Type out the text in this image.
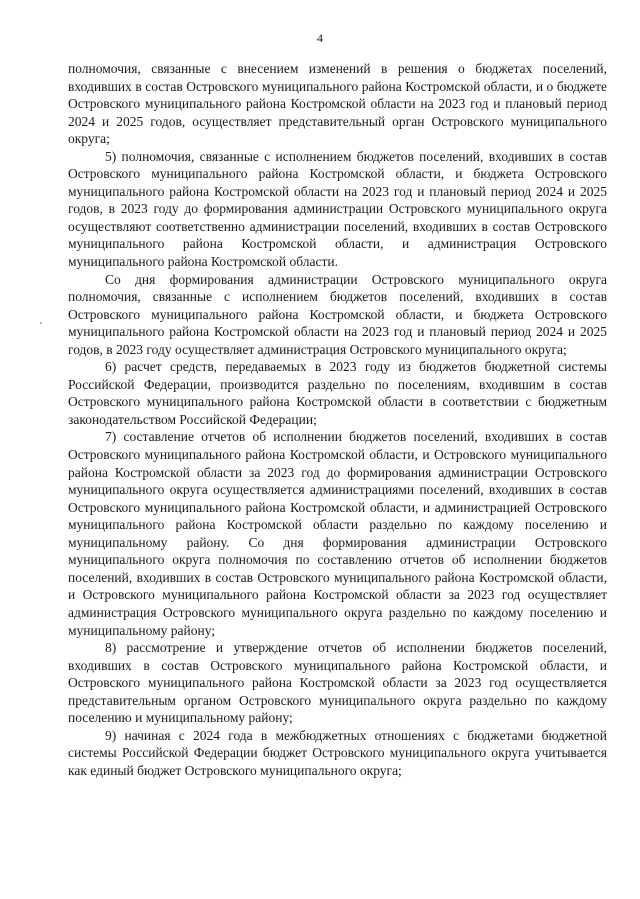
4

полномочия, связанные с внесением изменений в решения о бюджетах поселений, входивших в состав Островского муниципального района Костромской области, и о бюджете Островского муниципального района Костромской области на 2023 год и плановый период 2024 и 2025 годов, осуществляет представительный орган Островского муниципального округа;

5) полномочия, связанные с исполнением бюджетов поселений, входивших в состав Островского муниципального района Костромской области, и бюджета Островского муниципального района Костромской области на 2023 год и плановый период 2024 и 2025 годов, в 2023 году до формирования администрации Островского муниципального округа осуществляют соответственно администрации поселений, входивших в состав Островского муниципального района Костромской области, и администрация Островского муниципального района Костромской области.

Со дня формирования администрации Островского муниципального округа полномочия, связанные с исполнением бюджетов поселений, входивших в состав Островского муниципального района Костромской области, и бюджета Островского муниципального района Костромской области на 2023 год и плановый период 2024 и 2025 годов, в 2023 году осуществляет администрация Островского муниципального округа;

6) расчет средств, передаваемых в 2023 году из бюджетов бюджетной системы Российской Федерации, производится раздельно по поселениям, входившим в состав Островского муниципального района Костромской области в соответствии с бюджетным законодательством Российской Федерации;

7) составление отчетов об исполнении бюджетов поселений, входивших в состав Островского муниципального района Костромской области, и Островского муниципального района Костромской области за 2023 год до формирования администрации Островского муниципального округа осуществляется администрациями поселений, входивших в состав Островского муниципального района Костромской области, и администрацией Островского муниципального района Костромской области раздельно по каждому поселению и муниципальному району. Со дня формирования администрации Островского муниципального округа полномочия по составлению отчетов об исполнении бюджетов поселений, входивших в состав Островского муниципального района Костромской области, и Островского муниципального района Костромской области за 2023 год осуществляет администрация Островского муниципального округа раздельно по каждому поселению и муниципальному району;

8) рассмотрение и утверждение отчетов об исполнении бюджетов поселений, входивших в состав Островского муниципального района Костромской области, и Островского муниципального района Костромской области за 2023 год осуществляется представительным органом Островского муниципального округа раздельно по каждому поселению и муниципальному району;

9) начиная с 2024 года в межбюджетных отношениях с бюджетами бюджетной системы Российской Федерации бюджет Островского муниципального округа учитывается как единый бюджет Островского муниципального округа;
